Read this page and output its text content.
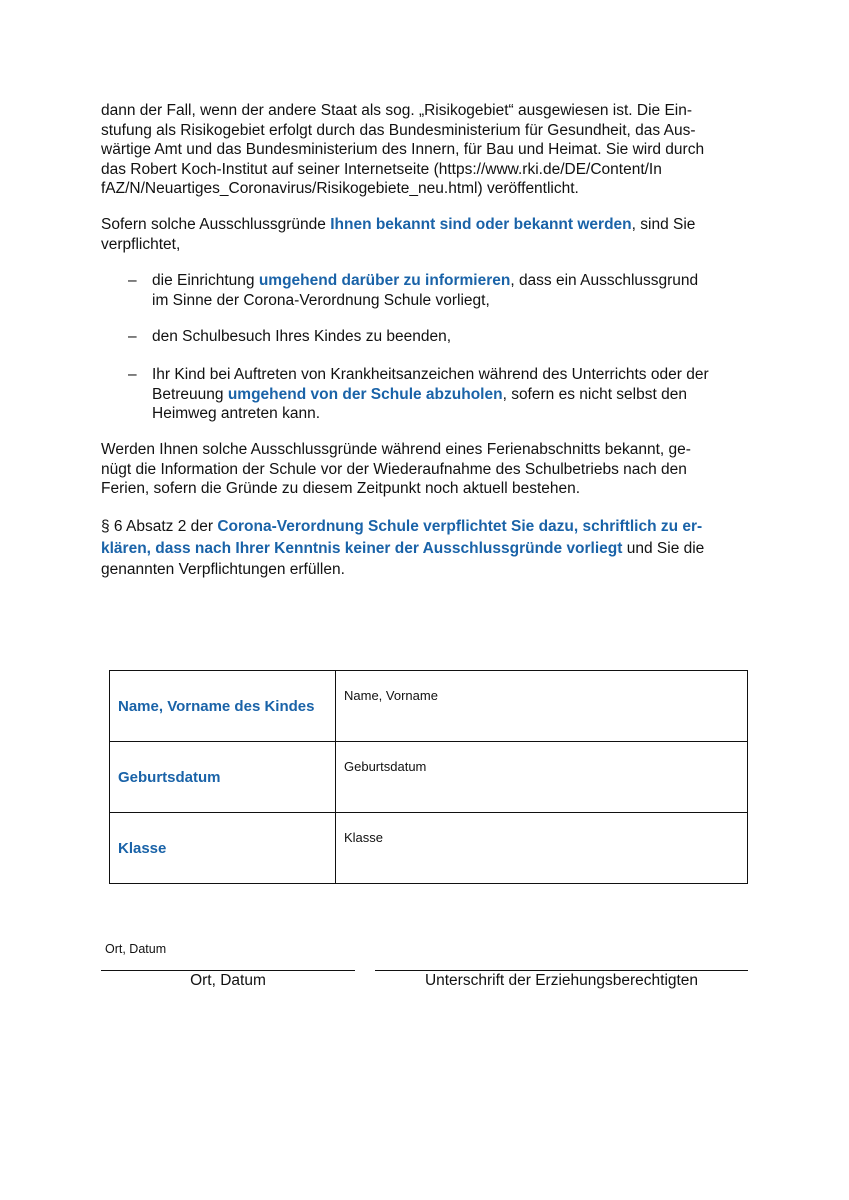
dann der Fall, wenn der andere Staat als sog. „Risikogebiet“ ausgewiesen ist. Die Ein-
stufung als Risikogebiet erfolgt durch das Bundesministerium für Gesundheit, das Aus-
wärtige Amt und das Bundesministerium des Innern, für Bau und Heimat. Sie wird durch
das Robert Koch-Institut auf seiner Internetseite (https://www.rki.de/DE/Content/In
fAZ/N/Neuartiges_Coronavirus/Risikogebiete_neu.html) veröffentlicht.
Sofern solche Ausschlussgründe Ihnen bekannt sind oder bekannt werden, sind Sie
verpflichtet,
– die Einrichtung umgehend darüber zu informieren, dass ein Ausschlussgrund
im Sinne der Corona-Verordnung Schule vorliegt,
– den Schulbesuch Ihres Kindes zu beenden,
– Ihr Kind bei Auftreten von Krankheitsanzeichen während des Unterrichts oder der
Betreuung umgehend von der Schule abzuholen, sofern es nicht selbst den
Heimweg antreten kann.
Werden Ihnen solche Ausschlussgründe während eines Ferienabschnitts bekannt, ge-
nügt die Information der Schule vor der Wiederaufnahme des Schulbetriebs nach den
Ferien, sofern die Gründe zu diesem Zeitpunkt noch aktuell bestehen.
§ 6 Absatz 2 der Corona-Verordnung Schule verpflichtet Sie dazu, schriftlich zu er-
klären, dass nach Ihrer Kenntnis keiner der Ausschlussgründe vorliegt und Sie die
genannten Verpflichtungen erfüllen.
Name, Vorname des Kindes	Name, Vorname
Geburtsdatum	Geburtsdatum
Klasse	Klasse
Ort, Datum
Ort, Datum	Unterschrift der Erziehungsberechtigten
